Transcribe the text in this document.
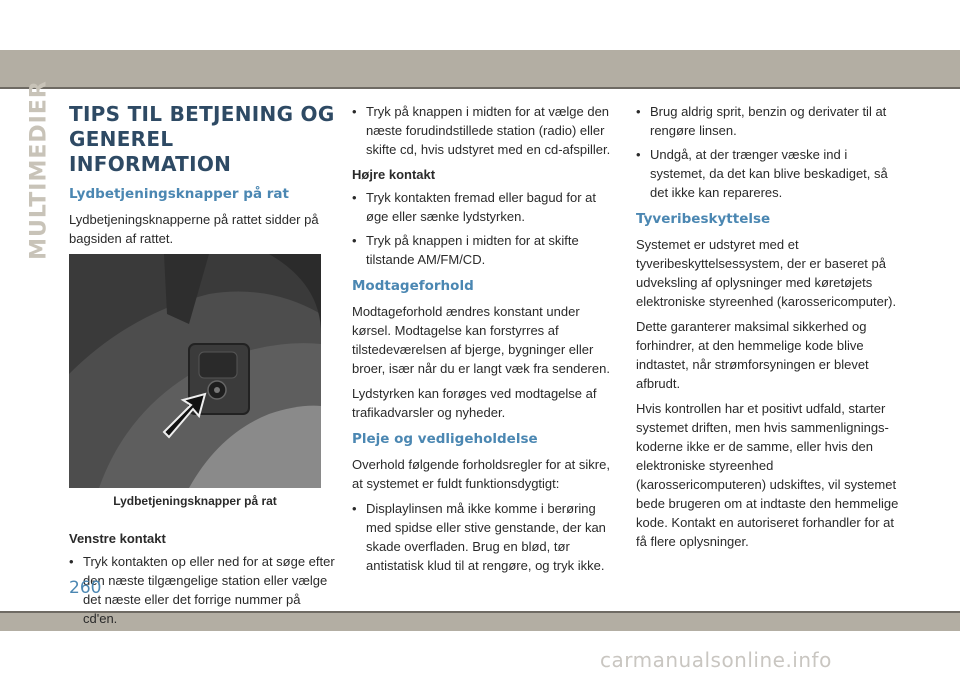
MULTIMEDIER TIPS TIL BETJENING OG GENEREL INFORMATION
Lydbetjeningsknapper på rat

Lydbetjeningsknapperne på rattet sidder på bagsiden af rattet.

Lydbetjeningsknapper på rat
Venstre kontakt
• Tryk kontakten op eller ned for at søge efter den næste tilgængelige station eller vælge det næste eller det forrige nummer på cd'en.
• Tryk på knappen i midten for at vælge den næste forudindstillede station (radio) eller skifte cd, hvis udstyret med en cd-afspiller.
Højre kontakt
• Tryk kontakten fremad eller bagud for at øge eller sænke lydstyrken.
• Tryk på knappen i midten for at skifte tilstande AM/FM/CD.
Modtageforhold

Modtageforhold ændres konstant under kørsel. Modtagelse kan forstyrres af tilstedeværelsen af bjerge, bygninger eller broer, især når du er langt væk fra senderen.

Lydstyrken kan forøges ved modtagelse af trafikadvarsler og nyheder.

Pleje og vedligeholdelse

Overhold følgende forholdsregler for at sikre, at systemet er fuldt funktionsdygtigt:

• Displaylinsen må ikke komme i berøring med spidse eller stive genstande, der kan skade overfladen. Brug en blød, tør antistatisk klud til at rengøre, og tryk ikke.
• Brug aldrig sprit, benzin og derivater til at rengøre linsen.
• Undgå, at der trænger væske ind i systemet, da det kan blive beskadiget, så det ikke kan repareres.
Tyveribeskyttelse

Systemet er udstyret med et tyveribeskyttelsessystem, der er baseret på udveksling af oplysninger med køretøjets elektroniske styreenhed (karossericomputer).

Dette garanterer maksimal sikkerhed og forhindrer, at den hemmelige kode blive indtastet, når strømforsyningen er blevet afbrudt.

Hvis kontrollen har et positivt udfald, starter systemet driften, men hvis sammenlignings-koderne ikke er de samme, eller hvis den elektroniske styreenhed (karossericomputeren) udskiftes, vil systemet bede brugeren om at indtaste den hemmelige kode. Kontakt en autoriseret forhandler for at få flere oplysninger.

260
carmanualsonline.info
